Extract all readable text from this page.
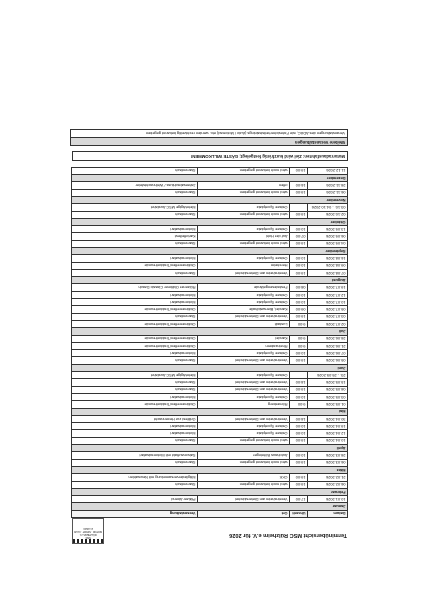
Terminübersicht MSC Rülzheim e.V. für 2026
MSC
RÜLZHEIM e.V.
MOTOR · SPORT · CLUB
im ADAC
Datum	Uhrzeit	Ort	Veranstaltung
Januar			
10.01.2026	17:00	Vereinsheim am Dieterskirchel	Pfälzer Abend
Februar			
06.02.2026	19:00	wird noch bekannt gegeben	Stammtisch
21.02.2026	19:00	CKK	Mitgliederversammlung mit Neuwahlen
März			
06.03.2026	19:00	wird noch bekannt gegeben	Stammtisch
28.03.2026	10:00	Autohaus Böhringer	Saisonauftakt mit Motorradsafari
April			
10.04.2026	19:00	wird noch bekannt gegeben	Stammtisch
12.04.2026	10:00	Ostsee Sportplatz	Motorradsafari
19.04.2026	10:00	Ostsee Sportplatz	Motorradsafari
30.04.2026	18:00	Vereinsheim am Dieterskirchel	Grillfest zur Hexennacht
Mai			
01.05.2026	9:00	Römerberg	Oldtimerreffen/Traktorfreunde
03.05.2026	10:00	Ostsee Sportplatz	Motorradsafari
08.05.2026	19:00	Vereinsheim am Dieterskirchel	Stammtisch
15.05.2026	18:00	Vereinsheim am Dieterskirchel	Stammtisch
23. - 25.05.2026		Ostsee Sportplatz	Mehrtägige MSC Ausfahrt
Juni			
05.06.2026	19:00	Vereinsheim am Dieterskirchel	Stammtisch
07.06.2026	10:00	Ostsee Sportplatz	Motorradsafari
21.06.2026	9:00	Rheinzabern	Oldtimerreffen/Traktorfreunde
28.06.2026	9:00	Kandel	Oldtimerreffen/Traktorfreunde
Juli			
02.07.2026	9:00	Lustadt	Oldtimerreffen/Traktorfreunde
03.07.2026	19:00	Vereinsheim am Dieterskirchel	Stammtisch
05.07.2026	09:00	Kandel, Bienwaldhalle	Oldtimerreffen/Traktorfreunde
10.07.2026	10:00	Ostsee Sportplatz	Motorradsafari
12.07.2026	10:00	Ostsee Sportplatz	Motorradsafari
19.07.2026	08:00	Festwiesengelände	Rülzener Oldtimer Classic Dasch
August			
07.08.2026	19:00	Vereinsheim am Dieterskirchel	Stammtisch
09.08.2026	10:00	Herxheim	Oldtimerreffen/Traktorfreunde
16.08.2026	10:00	Ostsee Sportplatz	Motorradsafari
September			
04.09.2026	19:00	wird noch bekannt gegeben	Stammtisch
06.09.2026	07:00	Auf der Hohl	Kartoffelfest
13.09.2026	10:00	Ostsee Sportplatz	Motorradsafari
Oktober			
02.10.2026	19:00	wird noch bekannt gegeben	Stammtisch
03.10. - 04.10.2026		Ostsee Sportplatz	Mehrtägige MSC Ausfahrt
November			
06.11.2026	19:00	wird noch bekannt gegeben	Stammtisch
28.11.2026	16:00	offen	Jahresabschluss / Weihnachtsfeier
Dezember			
11.12.2026	19:00	wird noch bekannt gegeben	Stammtisch
Motorradausfahrten: Ziel wird kurzfristig festgelegt; GÄSTE WILLKOMMEN!
Weitere Veranstaltungen
Veranstaltungen des ADAC, wie Fahrsicherheitstrainings (Auto / Motorrad) etc. werden rechtzeitig bekannt gegeben
